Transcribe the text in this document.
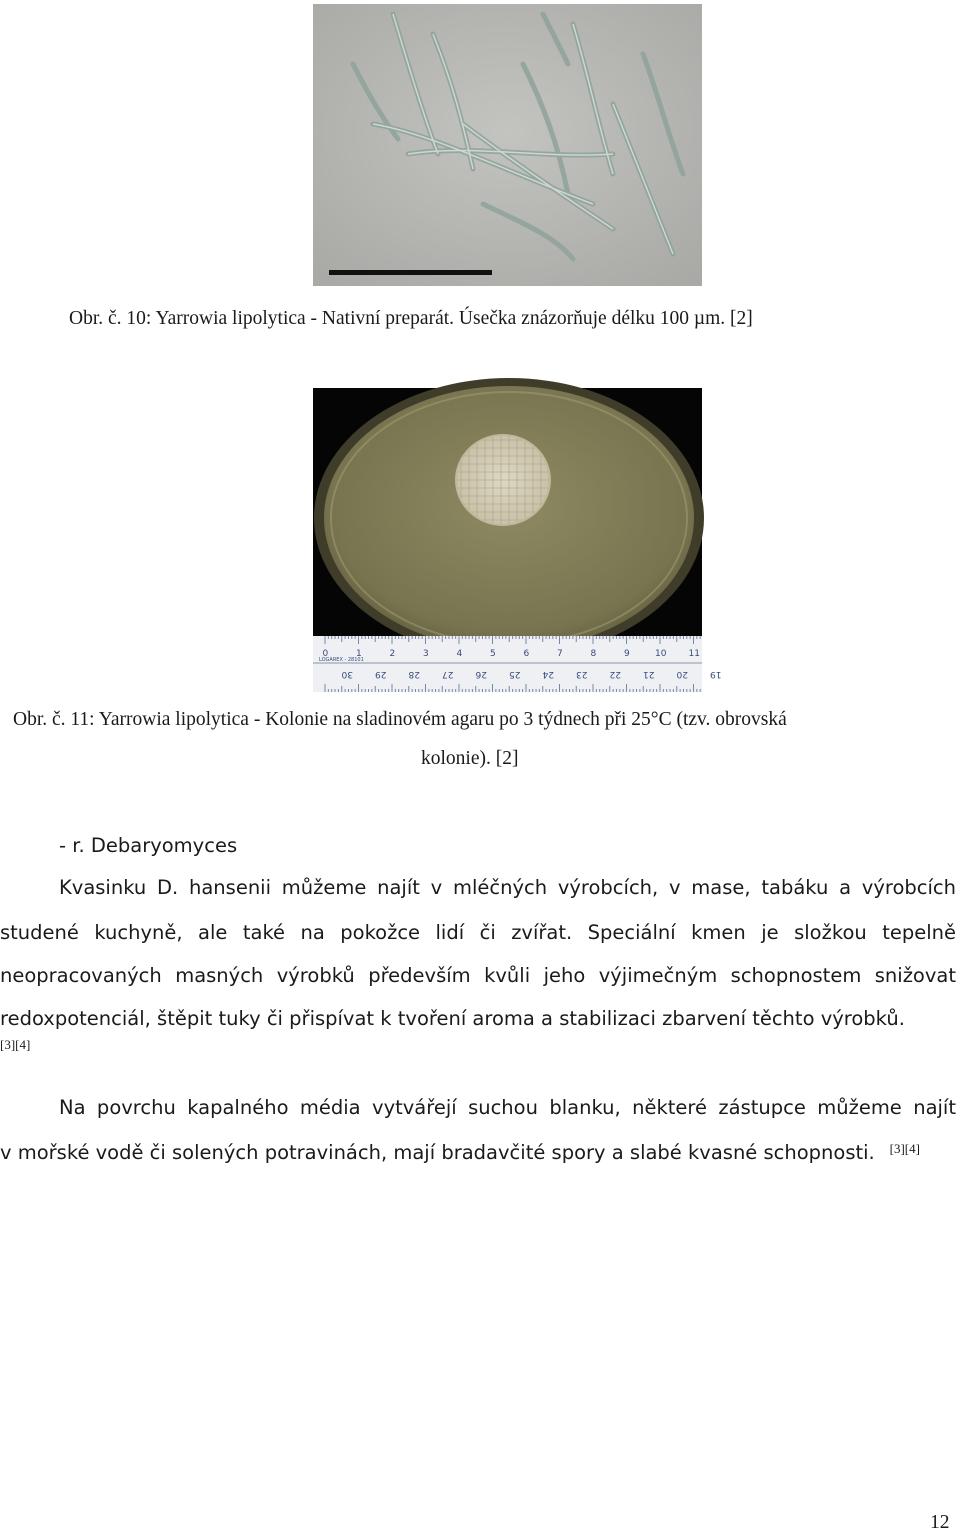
Obr. č. 10: Yarrowia lipolytica - Nativní preparát. Úsečka znázorňuje délku 100 µm. [2]
0	1	2	3	4	5	6	7	8	9	10 11
30 29 28 27 26 25 24 23 22 21 20 19
LOGAREX - 28101
Obr. č. 11: Yarrowia lipolytica - Kolonie na sladinovém agaru po 3 týdnech při 25°C (tzv. obrovská
kolonie). [2]
- r. Debaryomyces
Kvasinku D. hansenii můžeme najít v mléčných výrobcích, v mase, tabáku a výrobcích
studené kuchyně, ale také na pokožce lidí či zvířat. Speciální kmen je složkou tepelně
neopracovaných masných výrobků především kvůli jeho výjimečným schopnostem snižovat
redoxpotenciál, štěpit tuky či přispívat k tvoření aroma a stabilizaci zbarvení těchto výrobků.
[3][4]
Na povrchu kapalného média vytvářejí suchou blanku, některé zástupce můžeme najít
v mořské vodě či solených potravinách, mají bradavčité spory a slabé kvasné schopnosti. [3][4]
12
